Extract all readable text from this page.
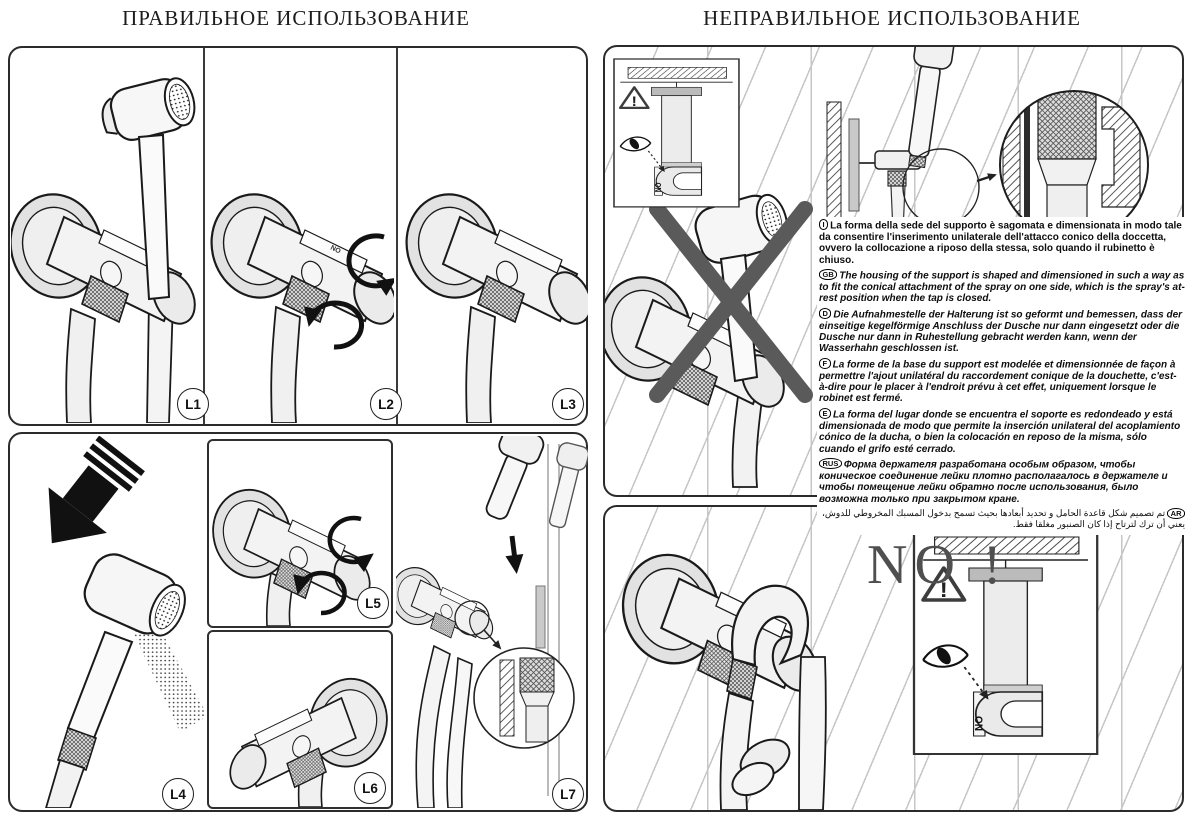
ПРАВИЛЬНОЕ ИСПОЛЬЗОВАНИЕ	НЕПРАВИЛЬНОЕ ИСПОЛЬЗОВАНИЕ
NO
L1	L2	L3
L4
L5
L6	L7

I La forma della sede del supporto è sagomata e dimensionata in modo tale da consentire l'inserimento unilaterale dell'attacco conico della doccetta, ovvero la collocazione a riposo della stessa, solo quando il rubinetto è chiuso.

GB The housing of the support is shaped and dimensioned in such a way as to fit the conical attachment of the spray on one side, which is the spray's at-rest position when the tap is closed.

D Die Aufnahmestelle der Halterung ist so geformt und bemessen, dass der einseitige kegelförmige Anschluss der Dusche nur dann eingesetzt oder die Dusche nur dann in Ruhestellung gebracht werden kann, wenn der Wasserhahn geschlossen ist.

F La forme de la base du support est modelée et dimensionnée de façon à permettre l'ajout unilatéral du raccordement conique de la douchette, c'est-à-dire pour le placer à l'endroit prévu à cet effet, uniquement lorsque le robinet est fermé.

E La forma del lugar donde se encuentra el soporte es redondeado y está dimensionada de modo que permite la inserción unilateral del acoplamiento cónico de la ducha, o bien la colocación en reposo de la misma, sólo cuando el grifo esté cerrado.

RUS Форма держателя разработана особым образом, чтобы коническое соединение лейки плотно располагалось в держателе и чтобы помещение лейки обратно после использования, было возможна только при закрытом кране.

ARتم تصميم شكل قاعدة الحامل و تحديد أبعادها بحيث تسمح بدخول المسبك المخروطي للدوش، يعني أن ترك لترتاح إذا كان الصنبور مغلقا فقط.

NO !
